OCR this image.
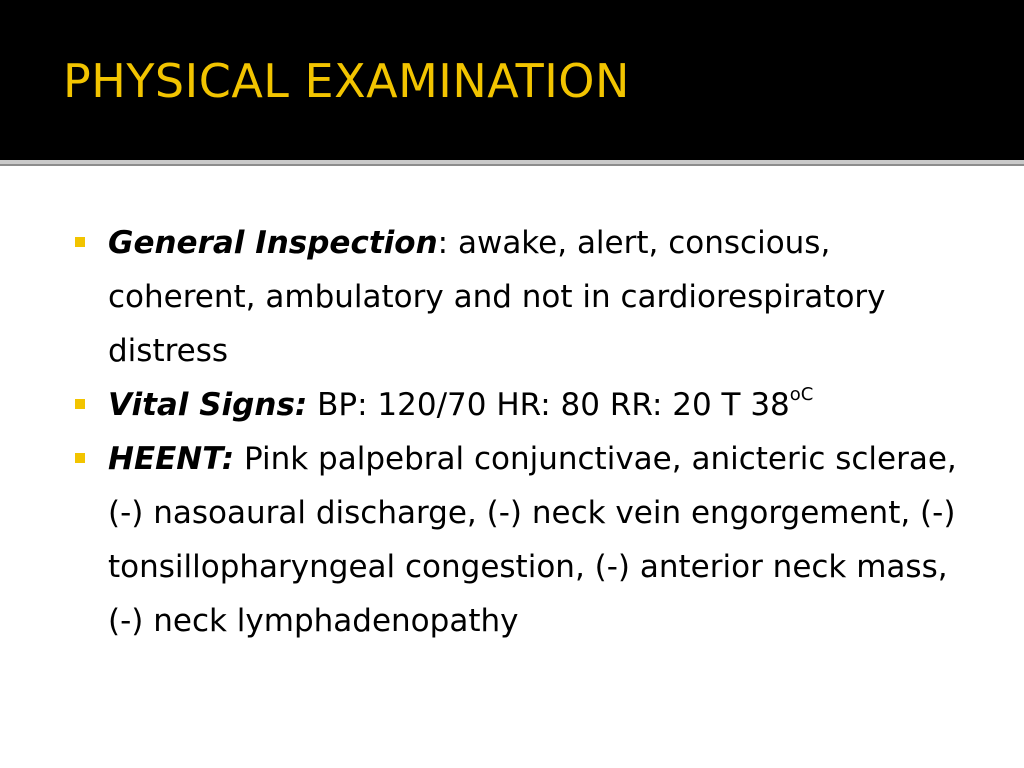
PHYSICAL EXAMINATION
General Inspection: awake, alert, conscious, coherent, ambulatory and not in cardiorespiratory distress
Vital Signs: BP: 120/70 HR: 80 RR: 20 T $38^{oC}$
HEENT: Pink palpebral conjunctivae, anicteric sclerae, (-) nasoaural discharge, (-) neck vein engorgement, (-) tonsillopharyngeal congestion, (-) anterior neck mass, (-) neck lymphadenopathy
